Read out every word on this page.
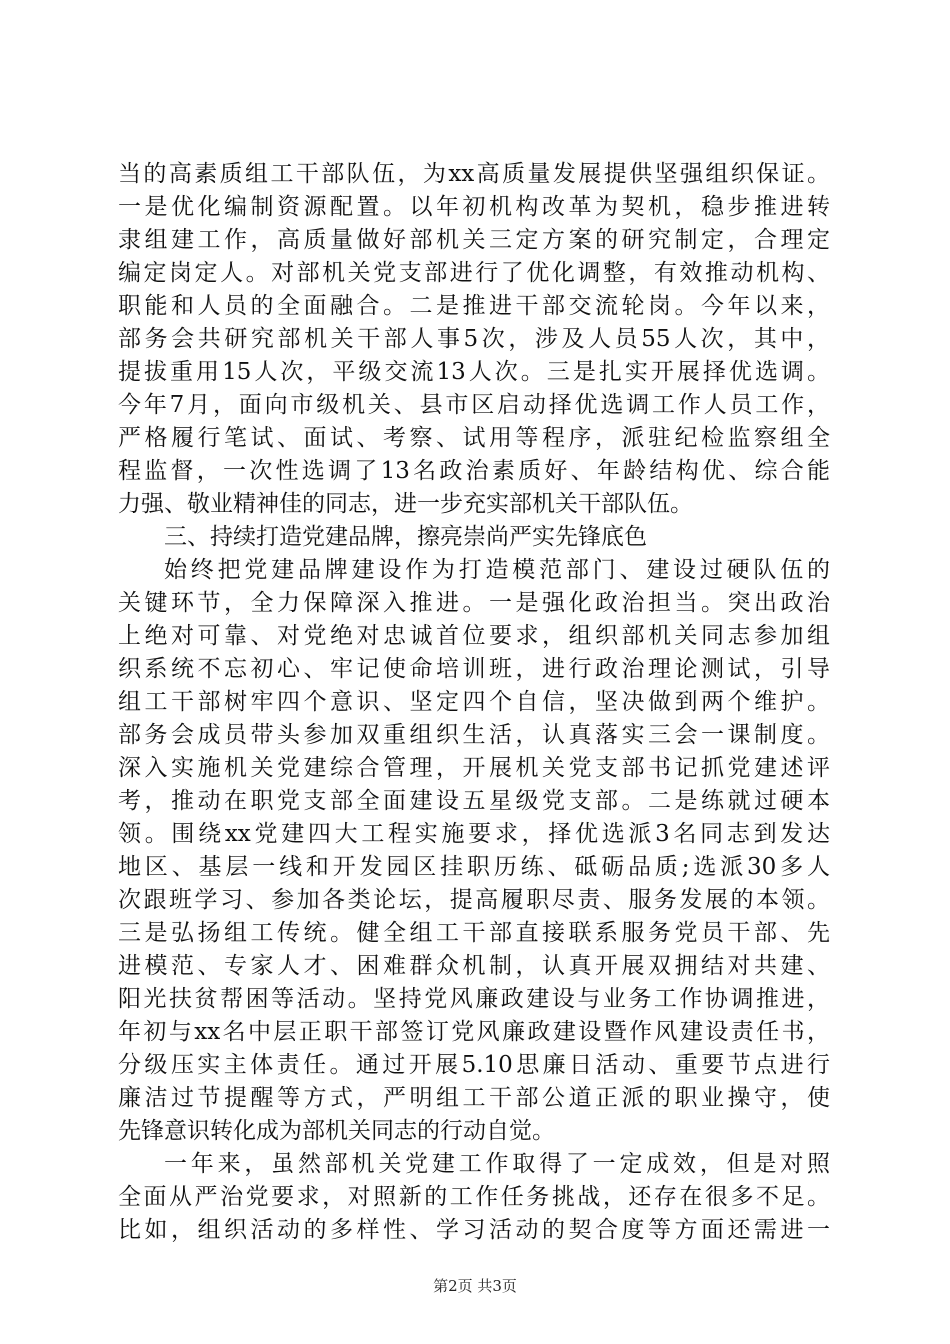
当的高素质组工干部队伍，为xx高质量发展提供坚强组织保证。
一是优化编制资源配置。以年初机构改革为契机，稳步推进转
隶组建工作，高质量做好部机关三定方案的研究制定，合理定
编定岗定人。对部机关党支部进行了优化调整，有效推动机构、
职能和人员的全面融合。二是推进干部交流轮岗。今年以来，
部务会共研究部机关干部人事5次，涉及人员55人次，其中，
提拔重用15人次，平级交流13人次。三是扎实开展择优选调。
今年7月，面向市级机关、县市区启动择优选调工作人员工作，
严格履行笔试、面试、考察、试用等程序，派驻纪检监察组全
程监督，一次性选调了13名政治素质好、年龄结构优、综合能
力强、敬业精神佳的同志，进一步充实部机关干部队伍。
三、持续打造党建品牌，擦亮崇尚严实先锋底色
始终把党建品牌建设作为打造模范部门、建设过硬队伍的
关键环节，全力保障深入推进。一是强化政治担当。突出政治
上绝对可靠、对党绝对忠诚首位要求，组织部机关同志参加组
织系统不忘初心、牢记使命培训班，进行政治理论测试，引导
组工干部树牢四个意识、坚定四个自信，坚决做到两个维护。
部务会成员带头参加双重组织生活，认真落实三会一课制度。
深入实施机关党建综合管理，开展机关党支部书记抓党建述评
考，推动在职党支部全面建设五星级党支部。二是练就过硬本
领。围绕xx党建四大工程实施要求，择优选派3名同志到发达
地区、基层一线和开发园区挂职历练、砥砺品质;选派30多人
次跟班学习、参加各类论坛，提高履职尽责、服务发展的本领。
三是弘扬组工传统。健全组工干部直接联系服务党员干部、先
进模范、专家人才、困难群众机制，认真开展双拥结对共建、
阳光扶贫帮困等活动。坚持党风廉政建设与业务工作协调推进，
年初与xx名中层正职干部签订党风廉政建设暨作风建设责任书，
分级压实主体责任。通过开展5.10思廉日活动、重要节点进行
廉洁过节提醒等方式，严明组工干部公道正派的职业操守，使
先锋意识转化成为部机关同志的行动自觉。
一年来，虽然部机关党建工作取得了一定成效，但是对照
全面从严治党要求，对照新的工作任务挑战，还存在很多不足。
比如，组织活动的多样性、学习活动的契合度等方面还需进一
第2页 共3页
